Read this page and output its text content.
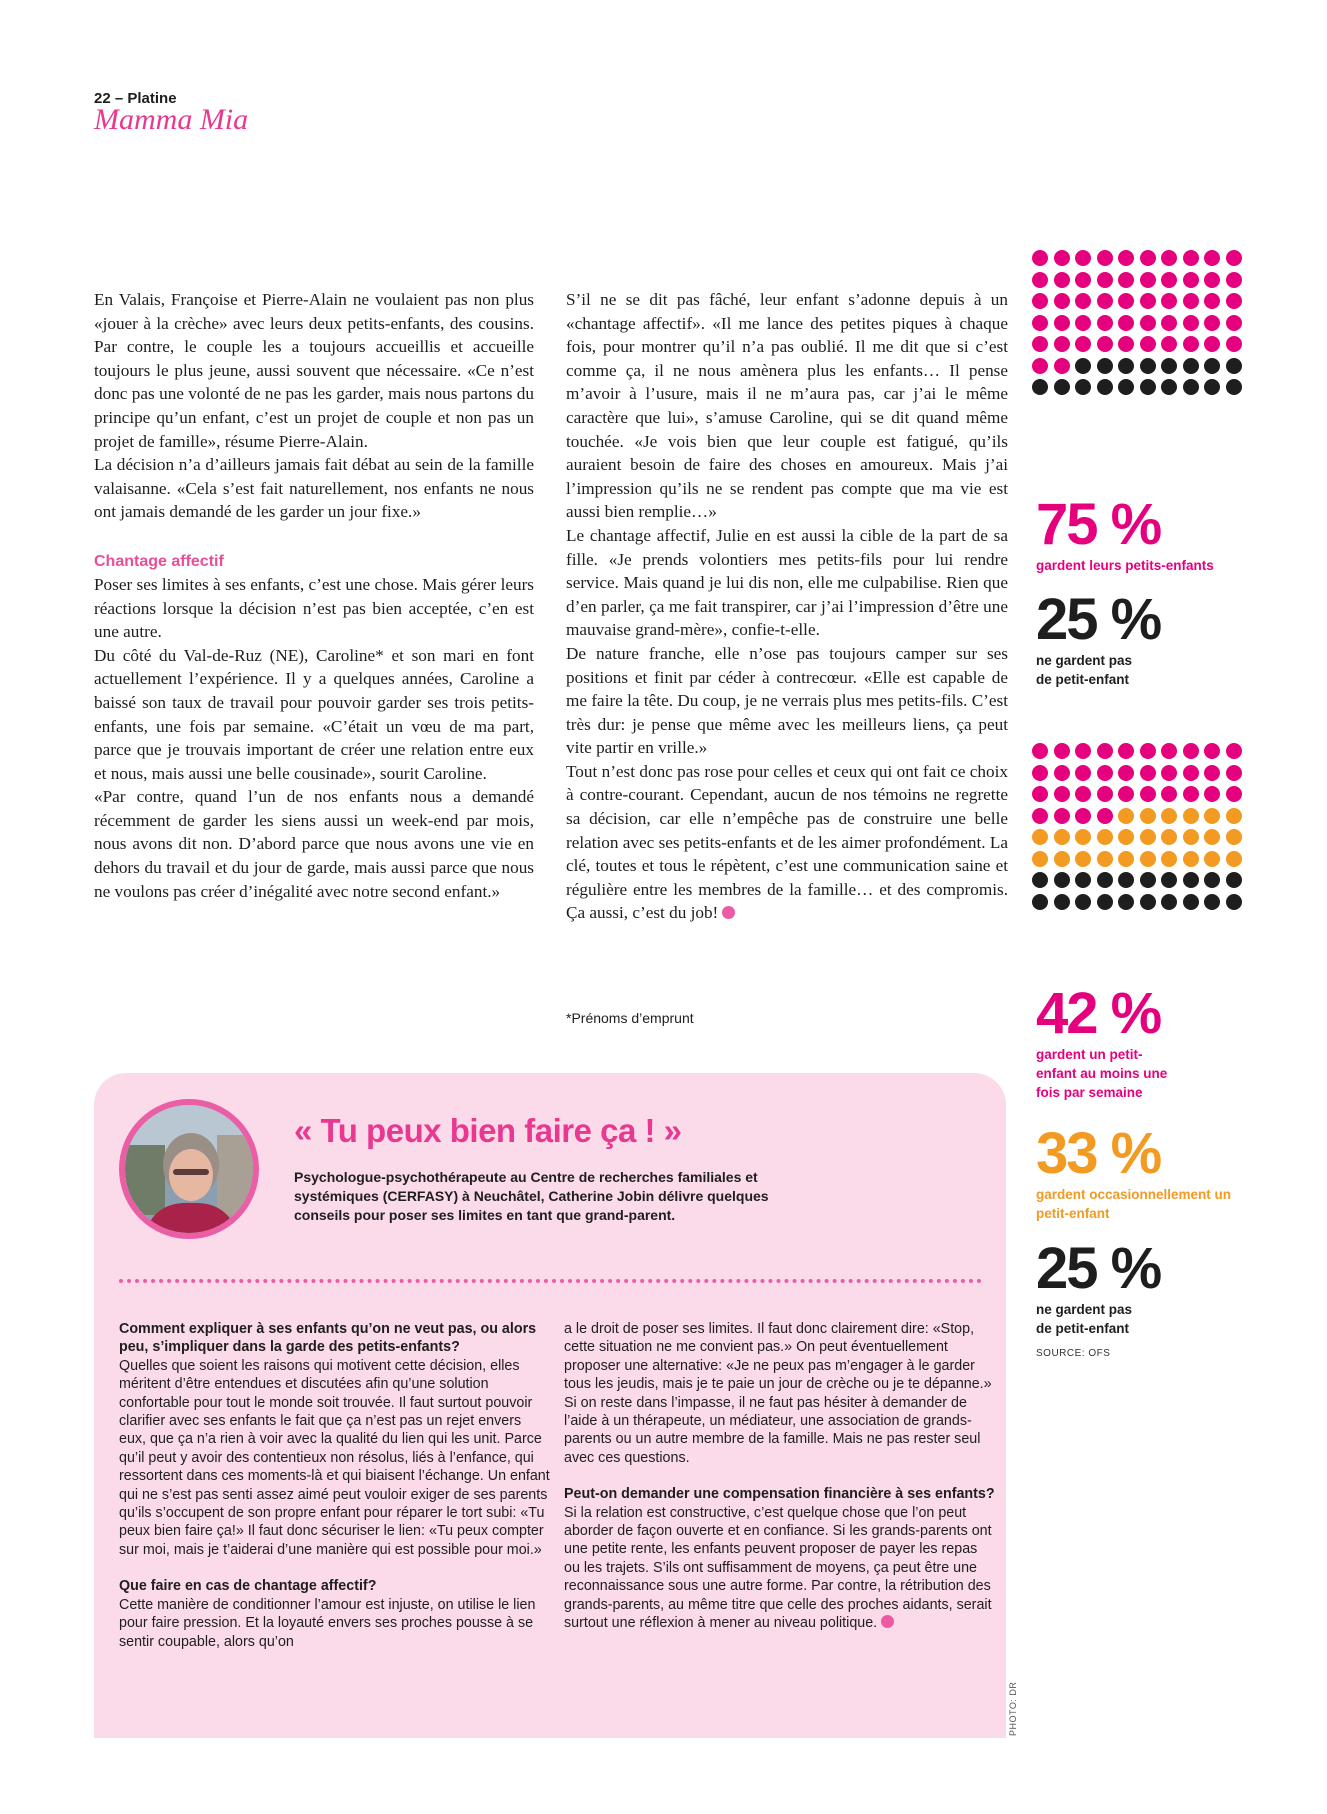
22 – Platine
Mamma Mia

En Valais, Françoise et Pierre-Alain ne voulaient pas non plus «jouer à la crèche» avec leurs deux petits-enfants, des cousins. Par contre, le couple les a toujours accueillis et accueille toujours le plus jeune, aussi souvent que nécessaire. «Ce n’est donc pas une volonté de ne pas les garder, mais nous partons du principe qu’un enfant, c’est un projet de couple et non pas un projet de famille», résume Pierre-Alain.

La décision n’a d’ailleurs jamais fait débat au sein de la famille valaisanne. «Cela s’est fait naturellement, nos enfants ne nous ont jamais demandé de les garder un jour fixe.»

Chantage affectif

Poser ses limites à ses enfants, c’est une chose. Mais gérer leurs réactions lorsque la décision n’est pas bien acceptée, c’en est une autre.

Du côté du Val-de-Ruz (NE), Caroline* et son mari en font actuellement l’expérience. Il y a quelques années, Caroline a baissé son taux de travail pour pouvoir garder ses trois petits-enfants, une fois par semaine. «C’était un vœu de ma part, parce que je trouvais important de créer une relation entre eux et nous, mais aussi une belle cousinade», sourit Caroline.

«Par contre, quand l’un de nos enfants nous a demandé récemment de garder les siens aussi un week-end par mois, nous avons dit non. D’abord parce que nous avons une vie en dehors du travail et du jour de garde, mais aussi parce que nous ne voulons pas créer d’inégalité avec notre second enfant.»

S’il ne se dit pas fâché, leur enfant s’adonne depuis à un «chantage affectif». «Il me lance des petites piques à chaque fois, pour montrer qu’il n’a pas oublié. Il me dit que si c’est comme ça, il ne nous amènera plus les enfants… Il pense m’avoir à l’usure, mais il ne m’aura pas, car j’ai le même caractère que lui», s’amuse Caroline, qui se dit quand même touchée. «Je vois bien que leur couple est fatigué, qu’ils auraient besoin de faire des choses en amoureux. Mais j’ai l’impression qu’ils ne se rendent pas compte que ma vie est aussi bien remplie…»

Le chantage affectif, Julie en est aussi la cible de la part de sa fille. «Je prends volontiers mes petits-fils pour lui rendre service. Mais quand je lui dis non, elle me culpabilise. Rien que d’en parler, ça me fait transpirer, car j’ai l’impression d’être une mauvaise grand-mère», confie-t-elle.

De nature franche, elle n’ose pas toujours camper sur ses positions et finit par céder à contrecœur. «Elle est capable de me faire la tête. Du coup, je ne verrais plus mes petits-fils. C’est très dur: je pense que même avec les meilleurs liens, ça peut vite partir en vrille.»

Tout n’est donc pas rose pour celles et ceux qui ont fait ce choix à contre-courant. Cependant, aucun de nos témoins ne regrette sa décision, car elle n’empêche pas de construire une belle relation avec ses petits-enfants et de les aimer profondément. La clé, toutes et tous le répètent, c’est une communication saine et régulière entre les membres de la famille… et des compromis. Ça aussi, c’est du job!

*Prénoms d’emprunt
75 %
gardent leurs petits-enfants
25 %
ne gardent pas de petit-enfant
42 %
gardent un petit-enfant au moins une fois par semaine
33 %
gardent occasionnellement un petit-enfant
25 %
ne gardent pas de petit-enfant
SOURCE: OFS
« Tu peux bien faire ça ! »
Psychologue-psychothérapeute au Centre de recherches familiales et systémiques (CERFASY) à Neuchâtel, Catherine Jobin délivre quelques conseils pour poser ses limites en tant que grand-parent.
Comment expliquer à ses enfants qu’on ne veut pas, ou alors peu, s’impliquer dans la garde des petits-enfants?
Quelles que soient les raisons qui motivent cette décision, elles méritent d’être entendues et discutées afin qu’une solution confortable pour tout le monde soit trouvée. Il faut surtout pouvoir clarifier avec ses enfants le fait que ça n’est pas un rejet envers eux, que ça n’a rien à voir avec la qualité du lien qui les unit. Parce qu’il peut y avoir des contentieux non résolus, liés à l’enfance, qui ressortent dans ces moments-là et qui biaisent l’échange. Un enfant qui ne s’est pas senti assez aimé peut vouloir exiger de ses parents qu’ils s’occupent de son propre enfant pour réparer le tort subi: «Tu peux bien faire ça!» Il faut donc sécuriser le lien: «Tu peux compter sur moi, mais je t’aiderai d’une manière qui est possible pour moi.»
Que faire en cas de chantage affectif?
Cette manière de conditionner l’amour est injuste, on utilise le lien pour faire pression. Et la loyauté envers ses proches pousse à se sentir coupable, alors qu’on
a le droit de poser ses limites. Il faut donc clairement dire: «Stop, cette situation ne me convient pas.» On peut éventuellement proposer une alternative: «Je ne peux pas m’engager à le garder tous les jeudis, mais je te paie un jour de crèche ou je te dépanne.» Si on reste dans l’impasse, il ne faut pas hésiter à demander de l’aide à un thérapeute, un médiateur, une association de grands-parents ou un autre membre de la famille. Mais ne pas rester seul avec ces questions.
Peut-on demander une compensation financière à ses enfants?
Si la relation est constructive, c’est quelque chose que l’on peut aborder de façon ouverte et en confiance. Si les grands-parents ont une petite rente, les enfants peuvent proposer de payer les repas ou les trajets. S’ils ont suffisamment de moyens, ça peut être une reconnaissance sous une autre forme. Par contre, la rétribution des grands-parents, au même titre que celle des proches aidants, serait surtout une réflexion à mener au niveau politique.
PHOTO: DR
